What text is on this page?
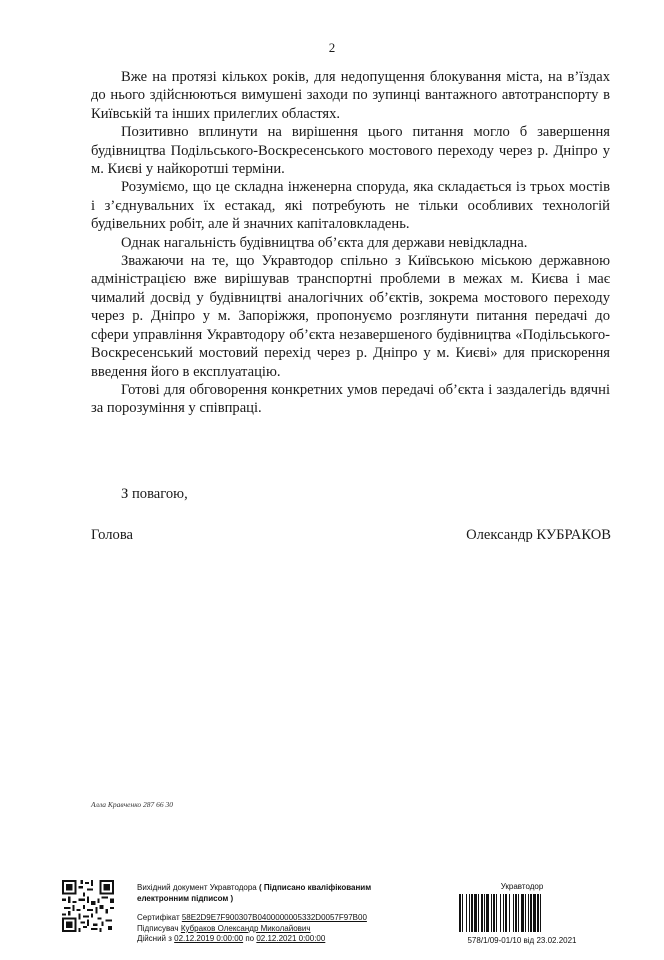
2

Вже на протязі кількох років, для недопущення блокування міста, на в’їздах до нього здійснюються вимушені заходи по зупинці вантажного автотранспорту в Київській та інших прилеглих областях.

Позитивно вплинути на вирішення цього питання могло б завершення будівництва Подільського-Воскресенського мостового переходу через р. Дніпро у м. Києві у найкоротші терміни.

Розуміємо, що це складна інженерна споруда, яка складається із трьох мостів і з’єднувальних їх естакад, які потребують не тільки особливих технологій будівельних робіт, але й значних капіталовкладень.

Однак нагальність будівництва об’єкта для держави невідкладна.

Зважаючи на те, що Укравтодор спільно з Київською міською державною адміністрацією вже вирішував транспортні проблеми в межах м. Києва і має чималий досвід у будівництві аналогічних об’єктів, зокрема мостового переходу через р. Дніпро у м. Запоріжжя, пропонуємо розглянути питання передачі до сфери управління Укравтодору об’єкта незавершеного будівництва «Подільського-Воскресенський мостовий перехід через р. Дніпро у м. Києві» для прискорення введення його в експлуатацію.

Готові для обговорення конкретних умов передачі об’єкта і заздалегідь вдячні за порозуміння у співпраці.

З повагою,
Голова	Олександр КУБРАКОВ
Алла Кравченко 287 66 30
Вихідний документ Укравтодора ( Підписано кваліфікованим
електронним підписом )
Сертифікат 58E2D9E7F900307B0400000005332D0057F97B00
Підписувач Кубраков Олександр Миколайович
Дійсний з 02.12.2019 0:00:00 по 02.12.2021 0:00:00
Укравтодор
578/1/09-01/10 від 23.02.2021
